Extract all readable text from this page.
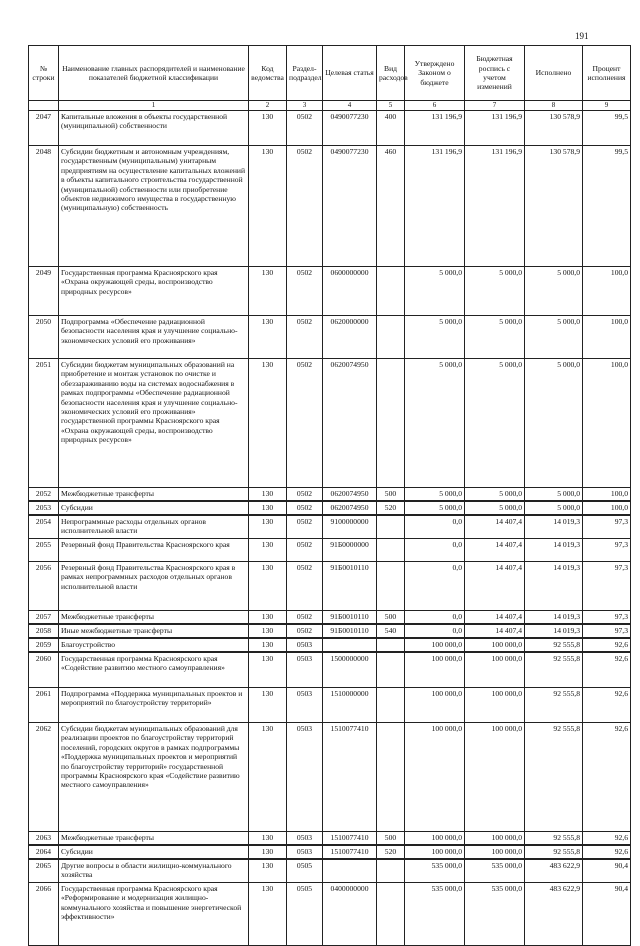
191
№ строки	Наименование главных распорядителей и наименование показателей бюджетной классификации	Код ведомства	Раздел-подраздел	Целевая статья	Вид расходов	Утверждено Законом о бюджете	Бюджетная роспись с учетом изменений	Исполнено	Процент исполнения
	1	2	3	4	5	6	7	8	9
2047	Капитальные вложения в объекты государственной (муниципальной) собственности	130	0502	0490077230	400	131 196,9	131 196,9	130 578,9	99,5
2048	Субсидии бюджетным и автономным учреждениям, государственным (муниципальным) унитарным предприятиям на осуществление капитальных вложений в объекты капитального строительства государственной (муниципальной) собственности или приобретение объектов недвижимого имущества в государственную (муниципальную) собственность	130	0502	0490077230	460	131 196,9	131 196,9	130 578,9	99,5
2049	Государственная программа Красноярского края «Охрана окружающей среды, воспроизводство природных ресурсов»	130	0502	0600000000		5 000,0	5 000,0	5 000,0	100,0
2050	Подпрограмма «Обеспечение радиационной безопасности населения края и улучшение социально-экономических условий его проживания»	130	0502	0620000000		5 000,0	5 000,0	5 000,0	100,0
2051	Субсидии бюджетам муниципальных образований на приобретение и монтаж установок по очистке и обеззараживанию воды на системах водоснабжения в рамках подпрограммы «Обеспечение радиационной безопасности населения края и улучшение социально-экономических условий его проживания» государственной программы Красноярского края «Охрана окружающей среды, воспроизводство природных ресурсов»	130	0502	0620074950		5 000,0	5 000,0	5 000,0	100,0
2052	Межбюджетные трансферты	130	0502	0620074950	500	5 000,0	5 000,0	5 000,0	100,0
2053	Субсидии	130	0502	0620074950	520	5 000,0	5 000,0	5 000,0	100,0
2054	Непрограммные расходы отдельных органов исполнительной власти	130	0502	9100000000		0,0	14 407,4	14 019,3	97,3
2055	Резервный фонд Правительства Красноярского края	130	0502	91Б0000000		0,0	14 407,4	14 019,3	97,3
2056	Резервный фонд Правительства Красноярского края в рамках непрограммных расходов отдельных органов исполнительной власти	130	0502	91Б0010110		0,0	14 407,4	14 019,3	97,3
2057	Межбюджетные трансферты	130	0502	91Б0010110	500	0,0	14 407,4	14 019,3	97,3
2058	Иные межбюджетные трансферты	130	0502	91Б0010110	540	0,0	14 407,4	14 019,3	97,3
2059	Благоустройство	130	0503			100 000,0	100 000,0	92 555,8	92,6
2060	Государственная программа Красноярского края «Содействие развитию местного самоуправления»	130	0503	1500000000		100 000,0	100 000,0	92 555,8	92,6
2061	Подпрограмма «Поддержка муниципальных проектов и мероприятий по благоустройству территорий»	130	0503	1510000000		100 000,0	100 000,0	92 555,8	92,6
2062	Субсидии бюджетам муниципальных образований для реализации проектов по благоустройству территорий поселений, городских округов в рамках подпрограммы «Поддержка муниципальных проектов и мероприятий по благоустройству территорий» государственной программы Красноярского края «Содействие развитию местного самоуправления»	130	0503	1510077410		100 000,0	100 000,0	92 555,8	92,6
2063	Межбюджетные трансферты	130	0503	1510077410	500	100 000,0	100 000,0	92 555,8	92,6
2064	Субсидии	130	0503	1510077410	520	100 000,0	100 000,0	92 555,8	92,6
2065	Другие вопросы в области жилищно-коммунального хозяйства	130	0505			535 000,0	535 000,0	483 622,9	90,4
2066	Государственная программа Красноярского края «Реформирование и модернизация жилищно-коммунального хозяйства и повышение энергетической эффективности»	130	0505	0400000000		535 000,0	535 000,0	483 622,9	90,4
